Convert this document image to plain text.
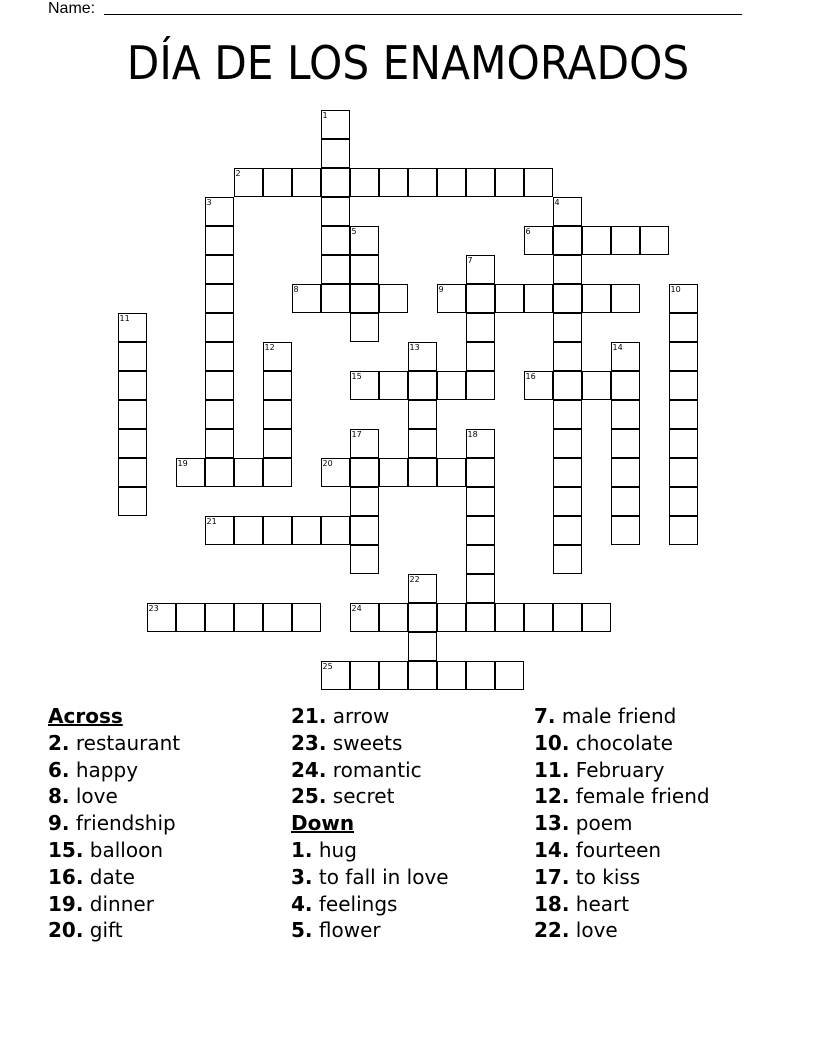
Name:
DÍA DE LOS ENAMORADOS
1
2
3	4
5	6
7
8	9	10
11
12	13	14
15	16
17	18
19	20
21
22
23	24
25
Across
2. restaurant
6. happy
8. love
9. friendship
15. balloon
16. date
19. dinner
20. gift
21. arrow
23. sweets
24. romantic
25. secret
Down
1. hug
3. to fall in love
4. feelings
5. flower
7. male friend
10. chocolate
11. February
12. female friend
13. poem
14. fourteen
17. to kiss
18. heart
22. love
